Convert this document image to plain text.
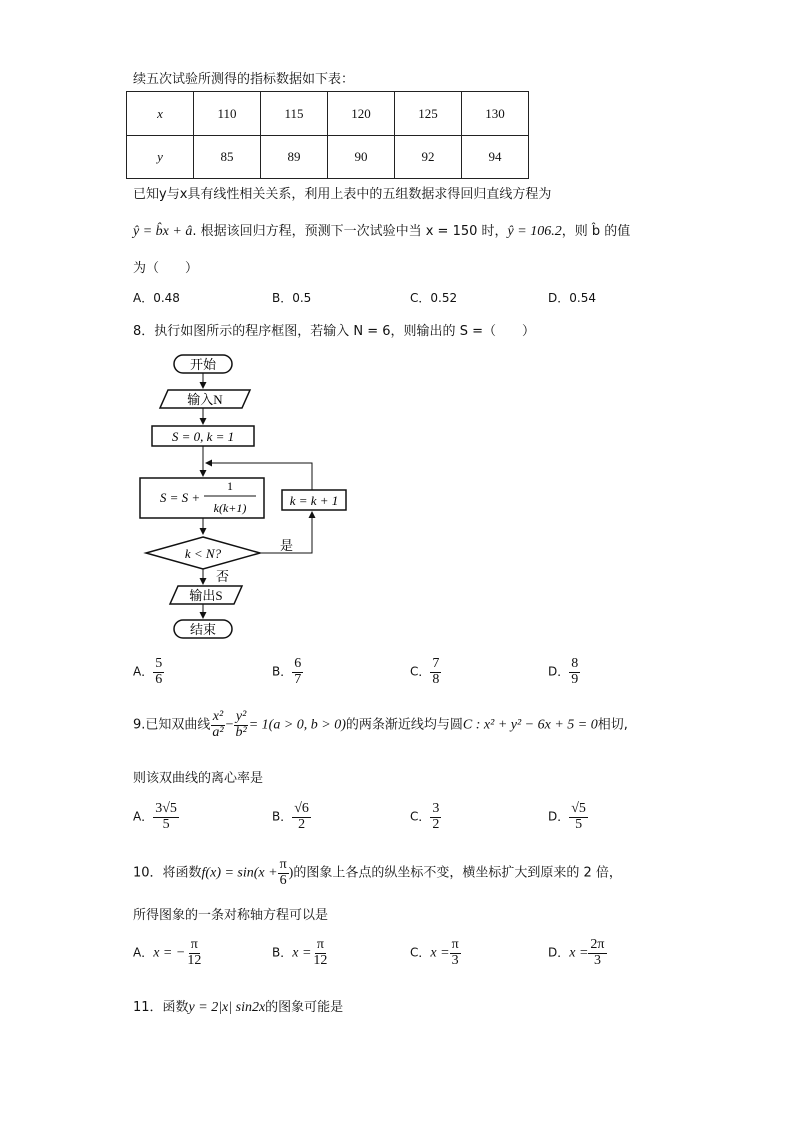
续五次试验所测得的指标数据如下表：
x	110	115	120	125	130
y	85	89	90	92	94
已知y与x具有线性相关关系，利用上表中的五组数据求得回归直线方程为
ŷ = b̂x + â. 根据该回归方程，预测下一次试验中当 x = 150 时，ŷ = 106.2，则 b̂ 的值
为（　　）
A．0.48	B．0.5	C．0.52	D．0.54
8．执行如图所示的程序框图，若输入 N = 6，则输出的 S =（　　）
开始
输入N
S = 0, k = 1
S = S +
1
k(k+1)	k = k + 1
k < N?	是
否
输出S
结束
A． $\frac{5}{6}$	B． $\frac{6}{7}$	C． $\frac{7}{8}$	D． $\frac{8}{9}$
9.已知双曲线 $\frac{\text{x²}}{\text{a²}} - \frac{\text{y²}}{\text{b²}} = 1(a > 0$, b > 0)的两条渐近线均与圆C : x² + y² − 6x + 5 = 0相切,
则该双曲线的离心率是
A． $\frac{3√5}{5}$	B． $\frac{√6}{2}$	C． $\frac{3}{2}$	D． $\frac{√5}{5}$
10．将函数$f(x) = \sin(x + \frac{\pi}{6}$ )的图象上各点的纵坐标不变，横坐标扩大到原来的 2 倍，
所得图象的一条对称轴方程可以是
A．x = − $\frac{\pi}{12}$	B．$x = \frac{\pi}{12}$	C．$x = \frac{\pi}{3}$	D．$x = \frac{2\pi}{3}$
11．函数y = 2|x| sin2x的图象可能是
